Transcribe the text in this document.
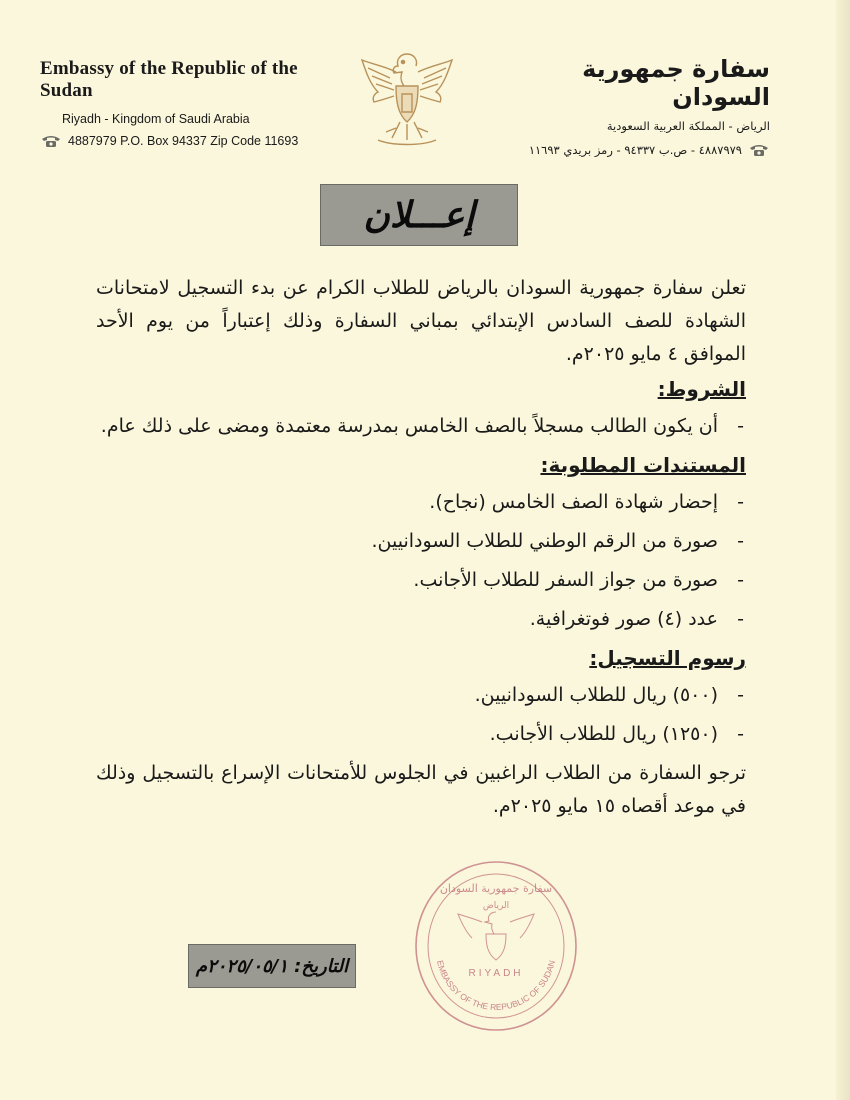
Embassy of the Republic of the Sudan
Riyadh - Kingdom of Saudi Arabia
4887979 P.O. Box 94337 Zip Code 11693
سفارة جمهورية السودان
الرياض - المملكة العربية السعودية
٤٨٨٧٩٧٩ - ص.ب ٩٤٣٣٧ - رمز بريدي ١١٦٩٣
إعـــلان

تعلن سفارة جمهورية السودان بالرياض للطلاب الكرام عن بدء التسجيل لامتحانات الشهادة للصف السادس الإبتدائي بمباني السفارة وذلك إعتباراً من يوم الأحد الموافق ٤ مايو ٢٠٢٥م.

الشروط:
- أن يكون الطالب مسجلاً بالصف الخامس بمدرسة معتمدة ومضى على ذلك عام.
المستندات المطلوبة:
- إحضار شهادة الصف الخامس (نجاح).
- صورة من الرقم الوطني للطلاب السودانيين.
- صورة من جواز السفر للطلاب الأجانب.
- عدد (٤) صور فوتغرافية.
رسوم التسجيل:
- (٥٠٠) ريال للطلاب السودانيين.
- (١٢٥٠) ريال للطلاب الأجانب.

ترجو السفارة من الطلاب الراغبين في الجلوس للأمتحانات الإسراع بالتسجيل وذلك في موعد أقصاه ١٥ مايو ٢٠٢٥م.

سفارة جمهورية السودان
الرياض
RIYADH
EMBASSY OF THE REPUBLIC OF SUDAN
التاريخ: ٢٠٢٥/٠٥/١م
